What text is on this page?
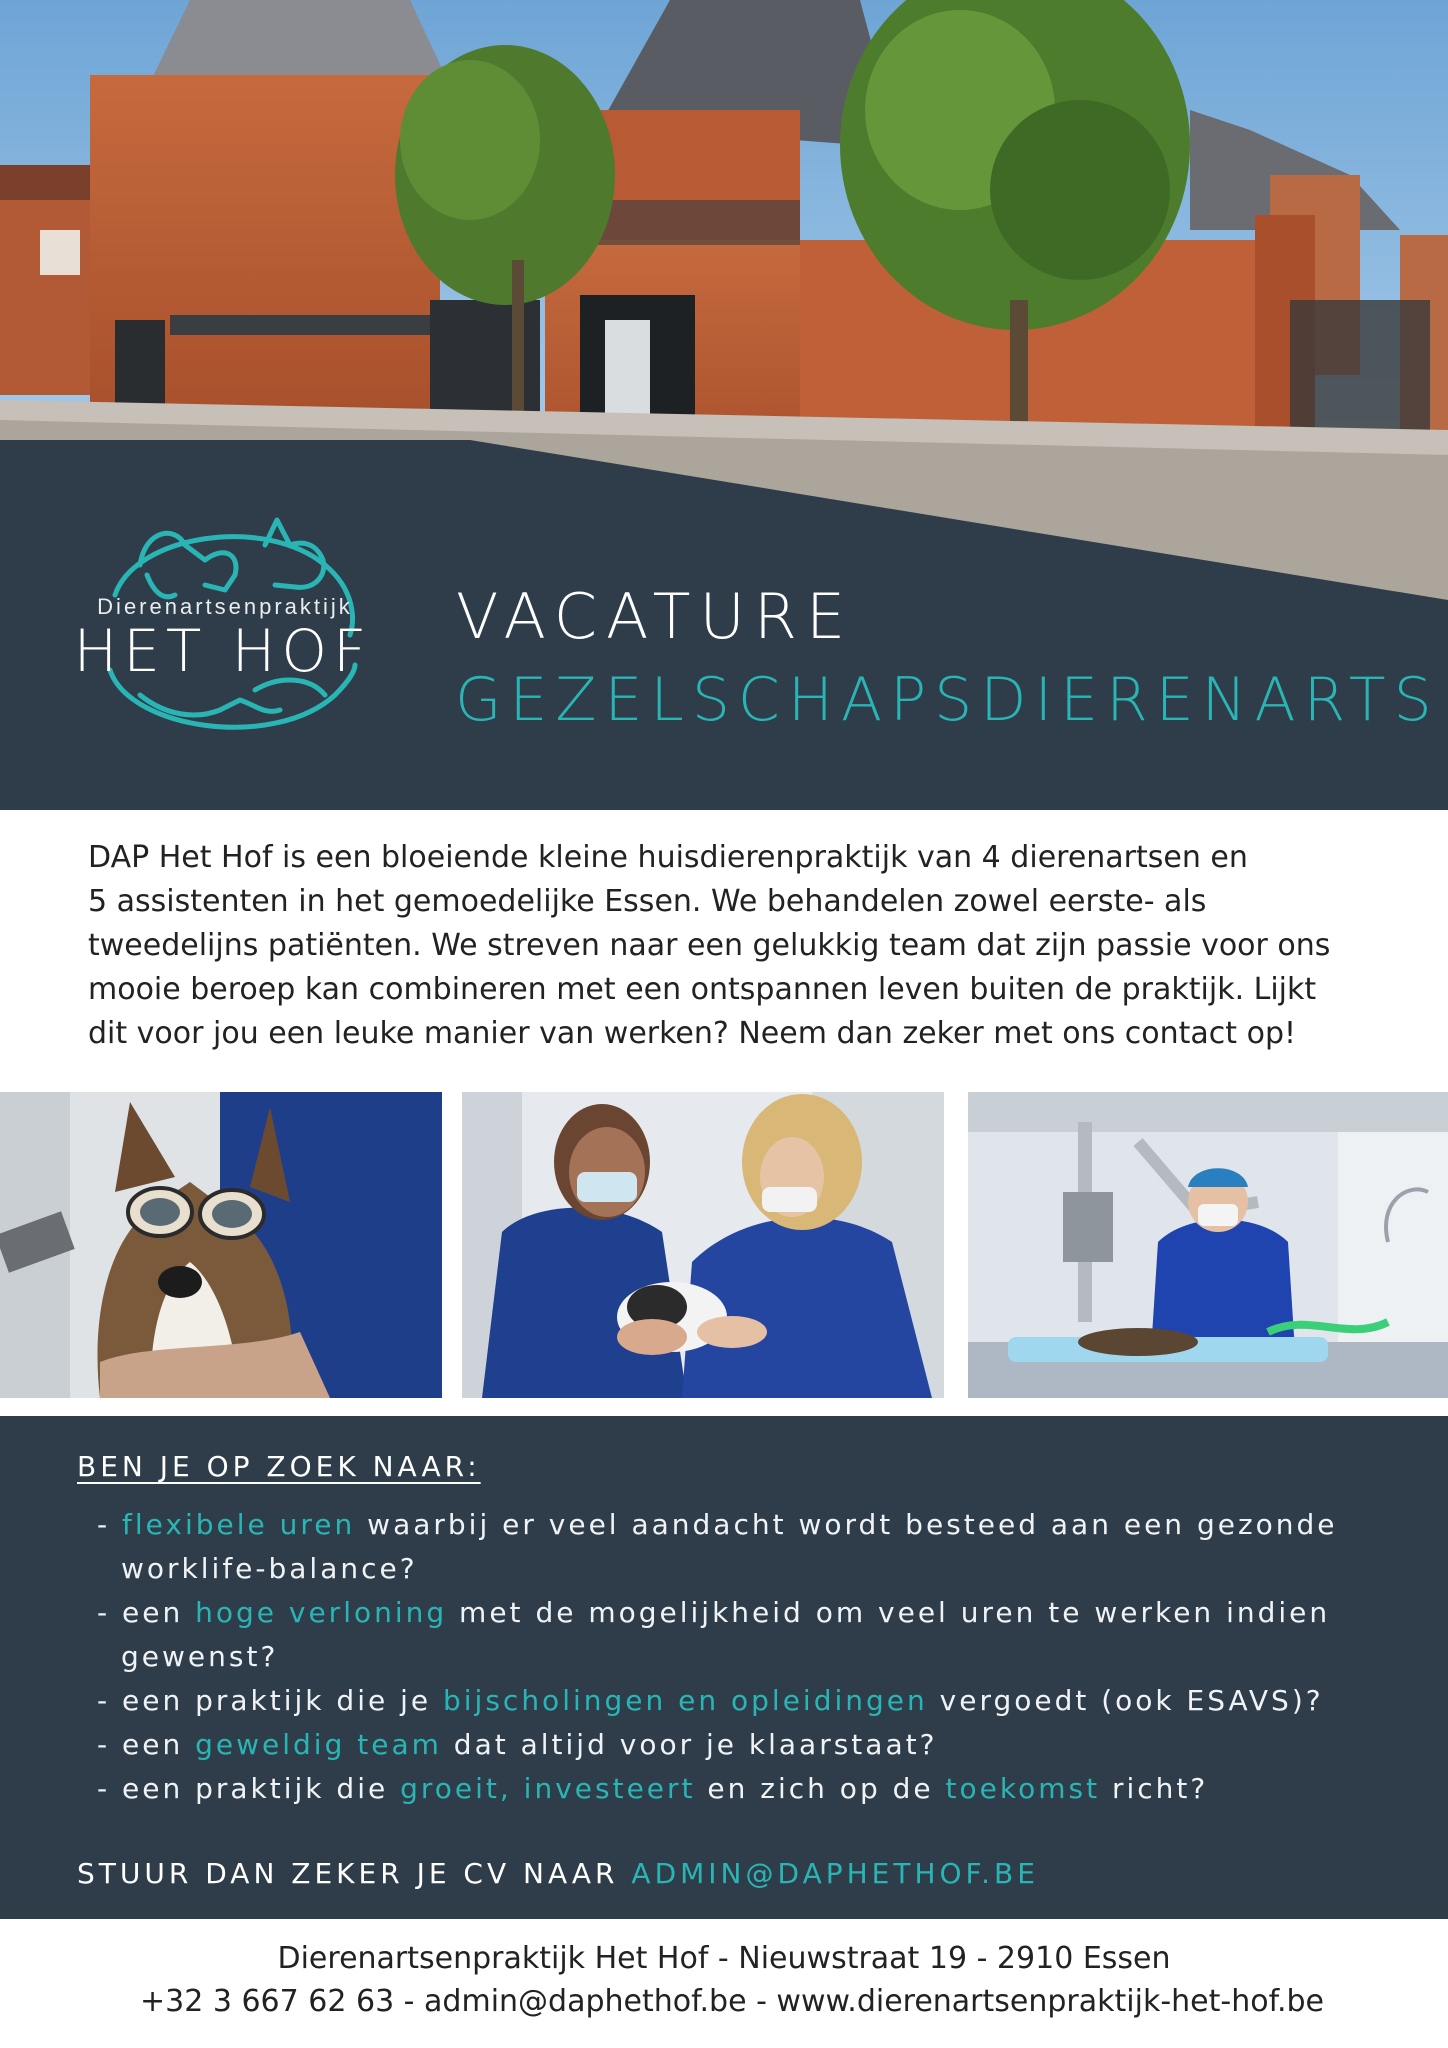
Dierenartsenpraktijk
HET HOF VACATURE
GEZELSCHAPSDIERENARTS
DAP Het Hof is een bloeiende kleine huisdierenpraktijk van 4 dierenartsen en
5 assistenten in het gemoedelijke Essen. We behandelen zowel eerste- als
tweedelijns patiënten. We streven naar een gelukkig team dat zijn passie voor ons
mooie beroep kan combineren met een ontspannen leven buiten de praktijk. Lijkt
dit voor jou een leuke manier van werken? Neem dan zeker met ons contact op!
BEN JE OP ZOEK NAAR:
- flexibele uren waarbij er veel aandacht wordt besteed aan een gezonde
worklife-balance?
- een hoge verloning met de mogelijkheid om veel uren te werken indien
gewenst?
- een praktijk die je bijscholingen en opleidingen vergoedt (ook ESAVS)?
- een geweldig team dat altijd voor je klaarstaat?
- een praktijk die groeit, investeert en zich op de toekomst richt?
STUUR DAN ZEKER JE CV NAAR ADMIN@DAPHETHOF.BE
Dierenartsenpraktijk Het Hof - Nieuwstraat 19 - 2910 Essen
+32 3 667 62 63 - admin@daphethof.be - www.dierenartsenpraktijk-het-hof.be
